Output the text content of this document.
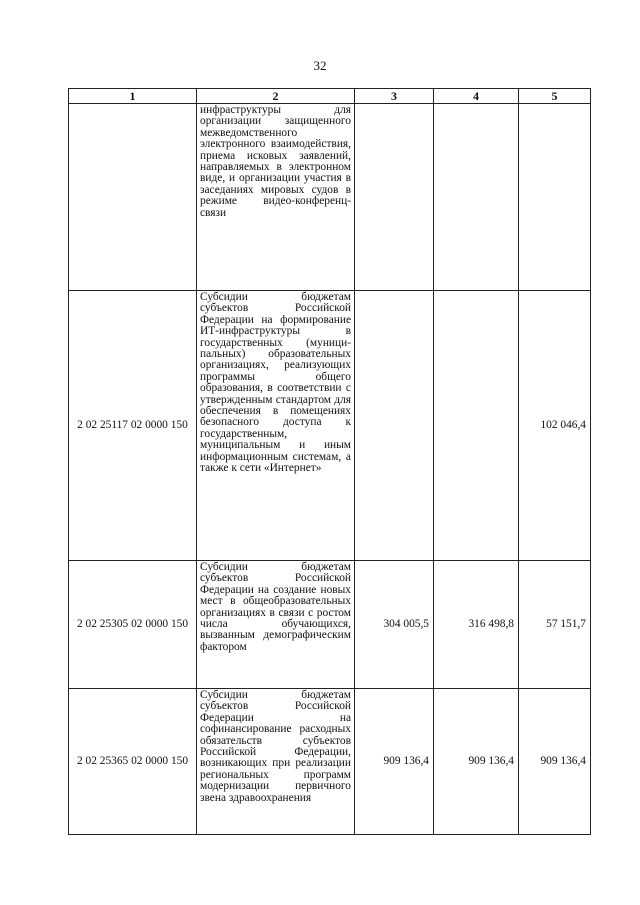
32
1	2	3	4	5
	инфраструктуры для организации защищенного межведомственного электронного взаимодействия, приема исковых заявлений, направляемых в электронном виде, и организации участия в заседаниях мировых судов в режиме видео-конференц-связи			
2 02 25117 02 0000 150	Субсидии бюджетам субъектов Российской Федерации на формирование ИТ-инфраструктуры в государственных (муници-пальных) образовательных организациях, реализующих программы общего образования, в соответствии с утвержденным стандартом для обеспечения в помещениях безопасного доступа к государственным, муниципальным и иным информационным системам, а также к сети «Интернет»			102 046,4
2 02 25305 02 0000 150	Субсидии бюджетам субъектов Российской Федерации на создание новых мест в общеобразовательных организациях в связи с ростом числа обучающихся, вызванным демографическим фактором	304 005,5	316 498,8	57 151,7
2 02 25365 02 0000 150	Субсидии бюджетам субъектов Российской Федерации на софинансирование расходных обязательств субъектов Российской Федерации, возникающих при реализации региональных программ модернизации первичного звена здравоохранения	909 136,4	909 136,4	909 136,4
